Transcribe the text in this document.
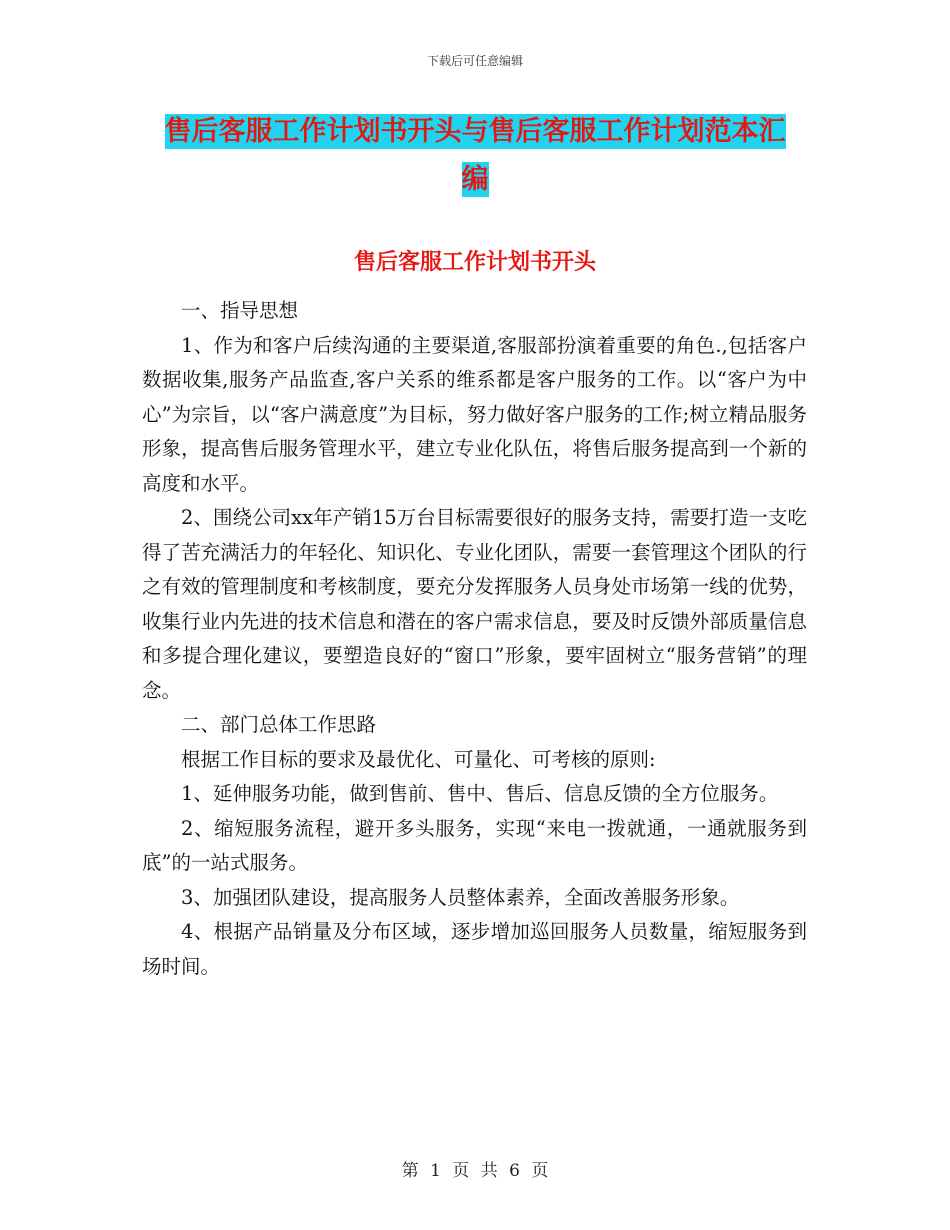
下载后可任意编辑
售后客服工作计划书开头与售后客服工作计划范本汇
编
售后客服工作计划书开头

一、指导思想

1、作为和客户后续沟通的主要渠道,客服部扮演着重要的角色.,包括客户数据收集,服务产品监查,客户关系的维系都是客户服务的工作。以“客户为中心”为宗旨，以“客户满意度”为目标，努力做好客户服务的工作;树立精品服务形象，提高售后服务管理水平，建立专业化队伍，将售后服务提高到一个新的高度和水平。

2、围绕公司xx年产销15万台目标需要很好的服务支持，需要打造一支吃得了苦充满活力的年轻化、知识化、专业化团队，需要一套管理这个团队的行之有效的管理制度和考核制度，要充分发挥服务人员身处市场第一线的优势，收集行业内先进的技术信息和潜在的客户需求信息，要及时反馈外部质量信息和多提合理化建议，要塑造良好的“窗口”形象，要牢固树立“服务营销”的理念。

二、部门总体工作思路

根据工作目标的要求及最优化、可量化、可考核的原则:

1、延伸服务功能，做到售前、售中、售后、信息反馈的全方位服务。

2、缩短服务流程，避开多头服务，实现“来电一拨就通，一通就服务到底”的一站式服务。

3、加强团队建设，提高服务人员整体素养，全面改善服务形象。

4、根据产品销量及分布区域，逐步增加巡回服务人员数量，缩短服务到场时间。

第 1 页 共 6 页
